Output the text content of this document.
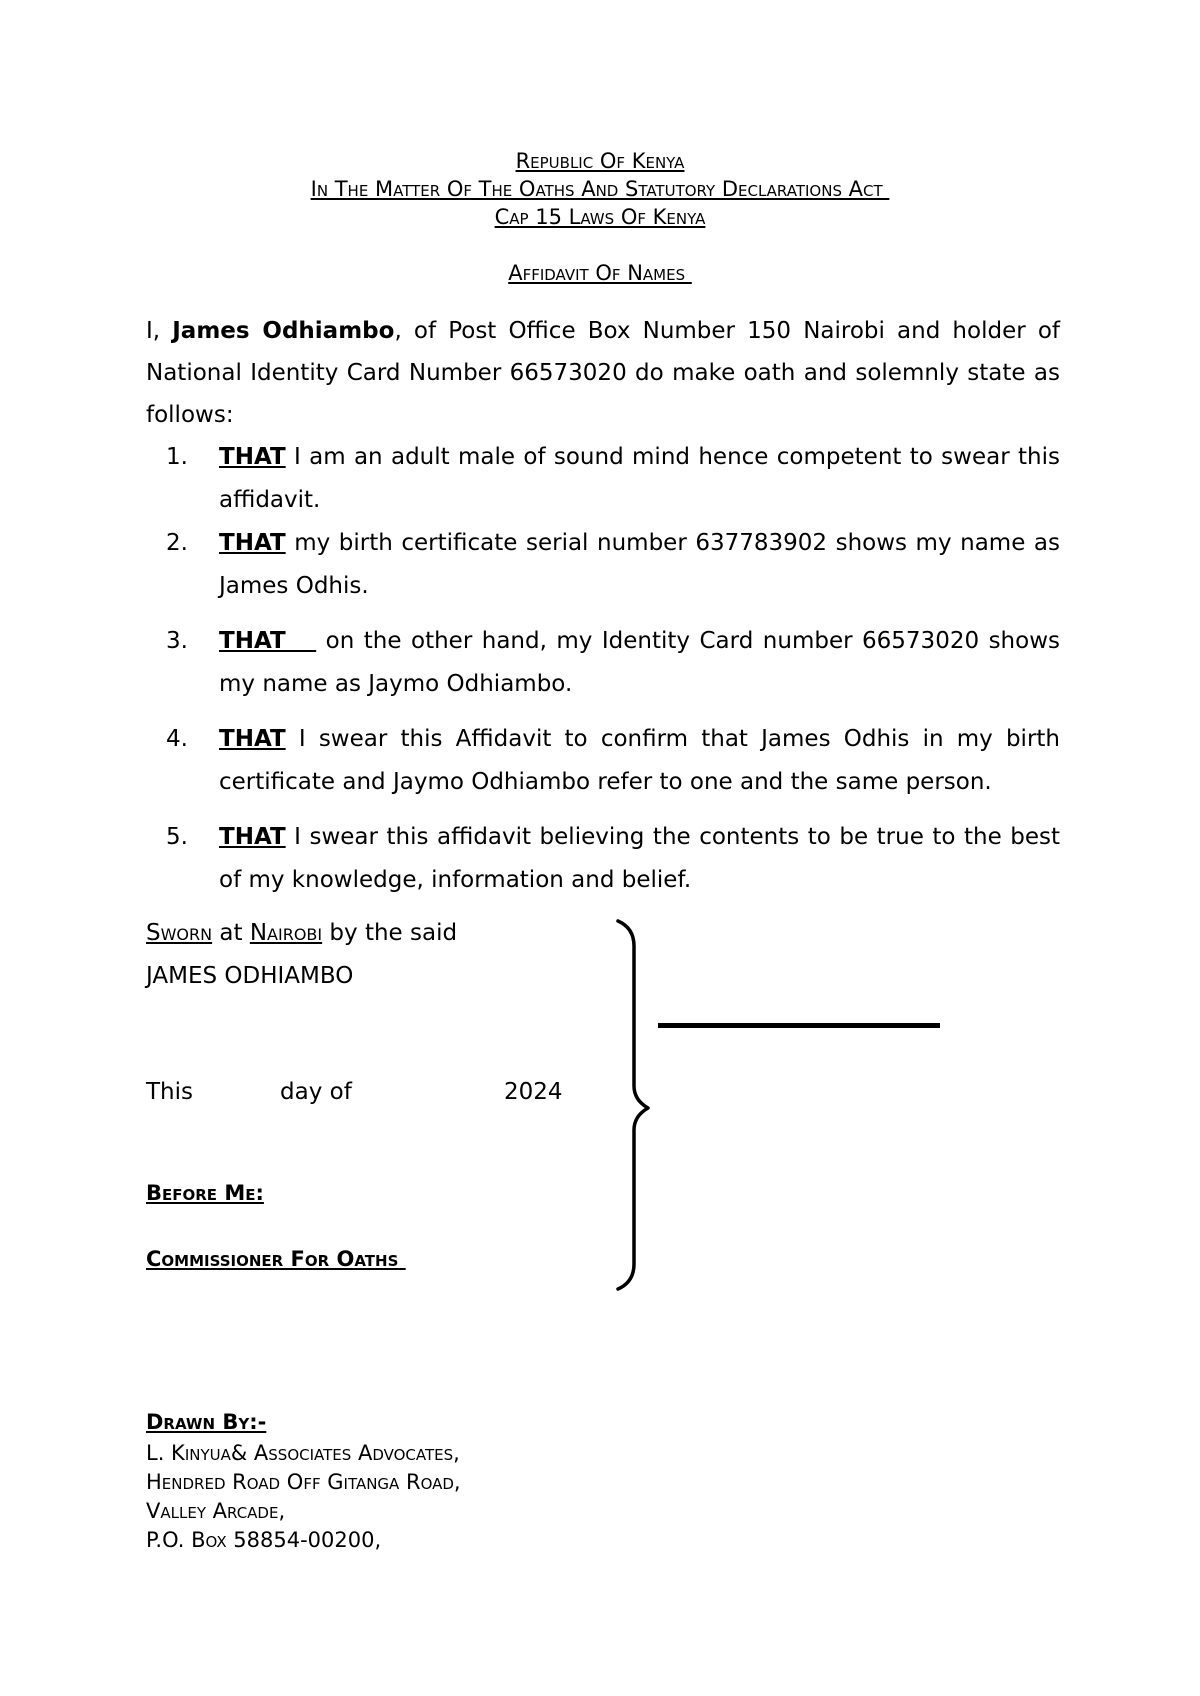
Republic Of Kenya
In The Matter Of The Oaths And Statutory Declarations Act
Cap 15 Laws Of Kenya
Affidavit Of Names
I, James Odhiambo, of Post Office Box Number 150 Nairobi and holder of National Identity Card Number 66573020 do make oath and solemnly state as follows:
1. THAT I am an adult male of sound mind hence competent to swear this affidavit.
2. THAT my birth certificate serial number 637783902 shows my name as James Odhis.
3. THAT    on the other hand, my Identity Card number 66573020 shows my name as Jaymo Odhiambo.
4. THAT I swear this Affidavit to confirm that James Odhis in my birth certificate and Jaymo Odhiambo refer to one and the same person.
5. THAT I swear this affidavit believing the contents to be true to the best of my knowledge, information and belief.
Sworn at Nairobi by the said
JAMES ODHIAMBO
This	day of	2024
Before Me:
Commissioner For Oaths
Drawn By:-
L. Kinyua& Associates Advocates,
Hendred Road Off Gitanga Road,
Valley Arcade,
P.O. Box 58854-00200,
